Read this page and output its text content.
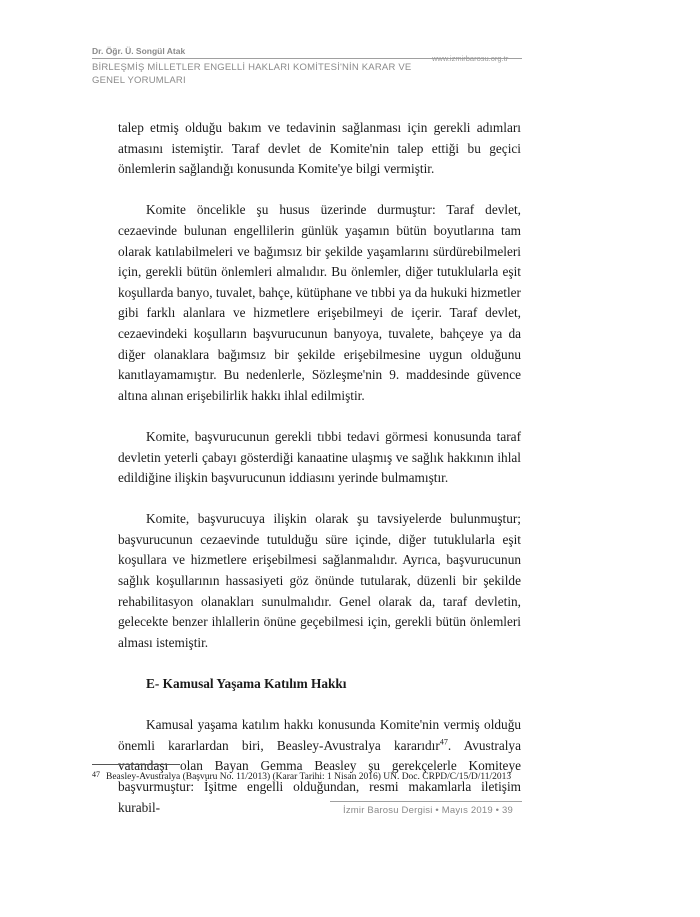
Dr. Öğr. Ü. Songül Atak
BİRLEŞMİŞ MİLLETLER ENGELLİ HAKLARI KOMİTESİ'NİN KARAR VE GENEL YORUMLARI
www.izmirbarosu.org.tr

talep etmiş olduğu bakım ve tedavinin sağlanması için gerekli adımları atmasını istemiştir. Taraf devlet de Komite'nin talep ettiği bu geçici önlemlerin sağlandığı konusunda Komite'ye bilgi vermiştir.

Komite öncelikle şu husus üzerinde durmuştur: Taraf devlet, cezaevinde bulunan engellilerin günlük yaşamın bütün boyutlarına tam olarak katılabilmeleri ve bağımsız bir şekilde yaşamlarını sürdürebilmeleri için, gerekli bütün önlemleri almalıdır. Bu önlemler, diğer tutuklularla eşit koşullarda banyo, tuvalet, bahçe, kütüphane ve tıbbi ya da hukuki hizmetler gibi farklı alanlara ve hizmetlere erişebilmeyi de içerir. Taraf devlet, cezaevindeki koşulların başvurucunun banyoya, tuvalete, bahçeye ya da diğer olanaklara bağımsız bir şekilde erişebilmesine uygun olduğunu kanıtlayamamıştır. Bu nedenlerle, Sözleşme'nin 9. maddesinde güvence altına alınan erişebilirlik hakkı ihlal edilmiştir.

Komite, başvurucunun gerekli tıbbi tedavi görmesi konusunda taraf devletin yeterli çabayı gösterdiği kanaatine ulaşmış ve sağlık hakkının ihlal edildiğine ilişkin başvurucunun iddiasını yerinde bulmamıştır.

Komite, başvurucuya ilişkin olarak şu tavsiyelerde bulunmuştur; başvurucunun cezaevinde tutulduğu süre içinde, diğer tutuklularla eşit koşullara ve hizmetlere erişebilmesi sağlanmalıdır. Ayrıca, başvurucunun sağlık koşullarının hassasiyeti göz önünde tutularak, düzenli bir şekilde rehabilitasyon olanakları sunulmalıdır. Genel olarak da, taraf devletin, gelecekte benzer ihlallerin önüne geçebilmesi için, gerekli bütün önlemleri alması istemiştir.

E- Kamusal Yaşama Katılım Hakkı

Kamusal yaşama katılım hakkı konusunda Komite'nin vermiş olduğu önemli kararlardan biri, Beasley-Avustralya kararıdır$^{47}$. Avustralya vatandaşı olan Bayan Gemma Beasley şu gerekçelerle Komiteye başvurmuştur: İşitme engelli olduğundan, resmi makamlarla iletişim kurabil-

47 Beasley-Avustralya (Başvuru No. 11/2013) (Karar Tarihi: 1 Nisan 2016) UN. Doc. CRPD/C/15/D/11/2013
İzmir Barosu Dergisi • Mayıs 2019 • 39
